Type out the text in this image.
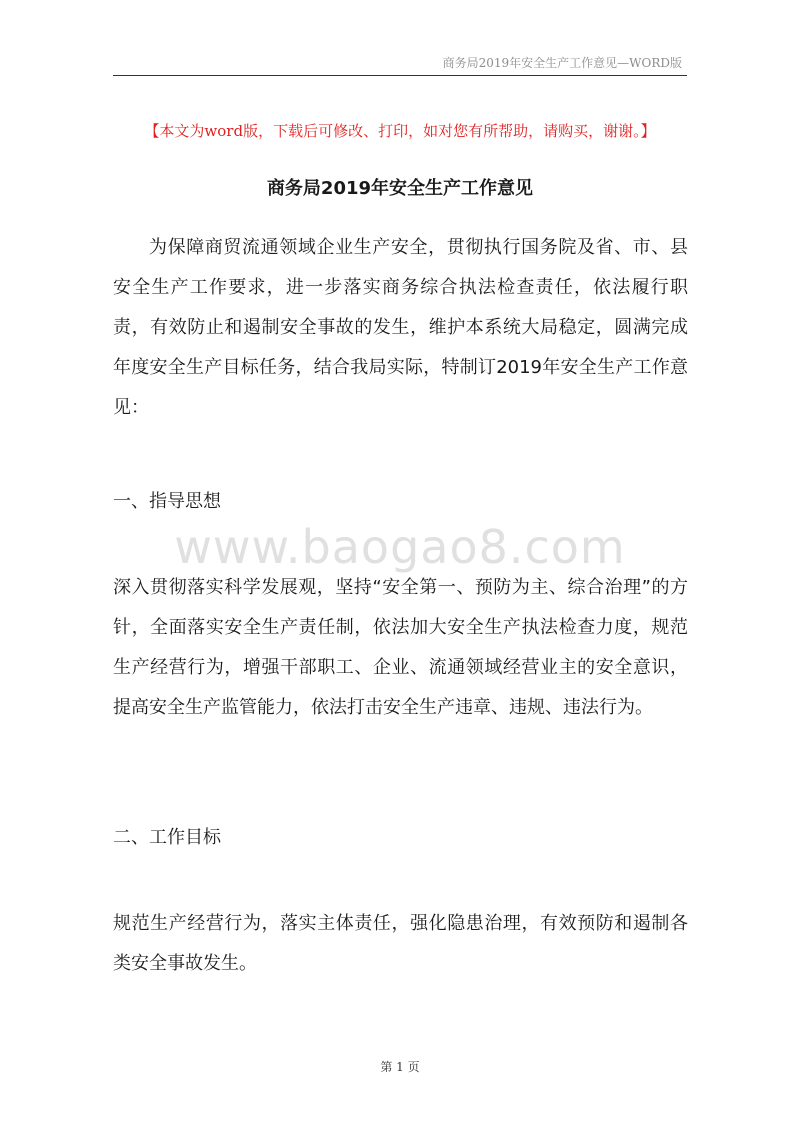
商务局2019年安全生产工作意见—WORD版
【本文为word版，下载后可修改、打印，如对您有所帮助，请购买，谢谢。】
商务局2019年安全生产工作意见

为保障商贸流通领域企业生产安全，贯彻执行国务院及省、市、县安全生产工作要求，进一步落实商务综合执法检查责任，依法履行职责，有效防止和遏制安全事故的发生，维护本系统大局稳定，圆满完成年度安全生产目标任务，结合我局实际，特制订2019年安全生产工作意见：

一、指导思想

深入贯彻落实科学发展观，坚持“安全第一、预防为主、综合治理”的方针，全面落实安全生产责任制，依法加大安全生产执法检查力度，规范生产经营行为，增强干部职工、企业、流通领域经营业主的安全意识，提高安全生产监管能力，依法打击安全生产违章、违规、违法行为。

二、工作目标

规范生产经营行为，落实主体责任，强化隐患治理，有效预防和遏制各类安全事故发生。

www.baogao8.com
第 1 页
